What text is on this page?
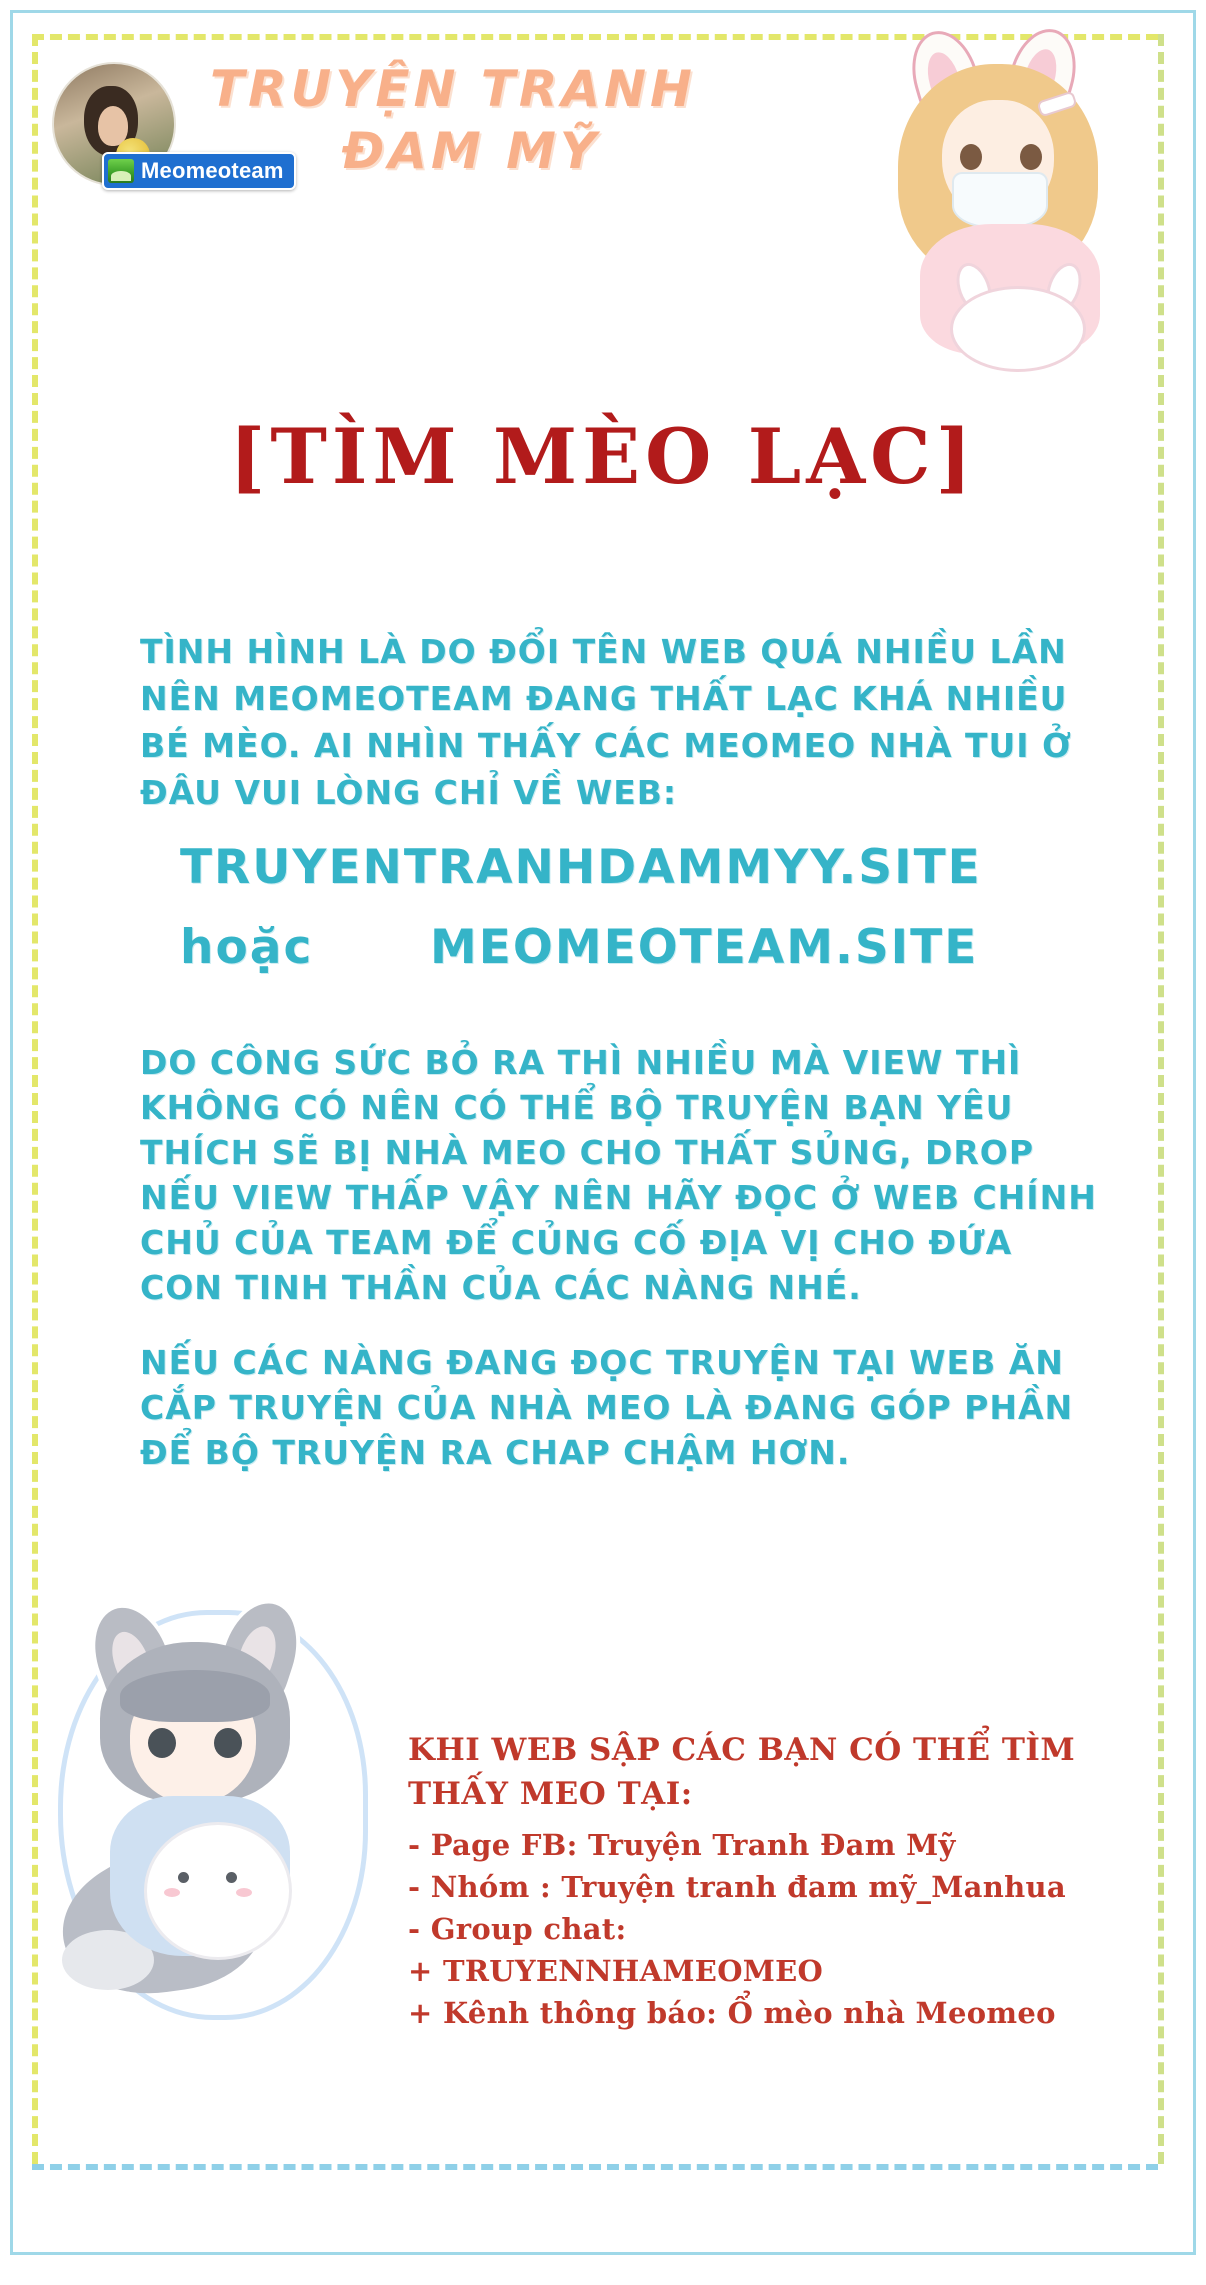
Meomeoteam
TRUYỆN TRANH
ĐAM MỸ
[TÌM MÈO LẠC]
TÌNH HÌNH LÀ DO ĐỔI TÊN WEB QUÁ NHIỀU LẦN NÊN MEOMEOTEAM ĐANG THẤT LẠC KHÁ NHIỀU BÉ MÈO. AI NHÌN THẤY CÁC MEOMEO NHÀ TUI Ở ĐÂU VUI LÒNG CHỈ VỀ WEB:
TRUYENTRANHDAMMYY.SITE
hoặc	MEOMEOTEAM.SITE
DO CÔNG SỨC BỎ RA THÌ NHIỀU MÀ VIEW THÌ KHÔNG CÓ NÊN CÓ THỂ BỘ TRUYỆN BẠN YÊU THÍCH SẼ BỊ NHÀ MEO CHO THẤT SỦNG, DROP NẾU VIEW THẤP VẬY NÊN HÃY ĐỌC Ở WEB CHÍNH CHỦ CỦA TEAM ĐỂ CỦNG CỐ ĐỊA VỊ CHO ĐỨA CON TINH THẦN CỦA CÁC NÀNG NHÉ.
NẾU CÁC NÀNG ĐANG ĐỌC TRUYỆN TẠI WEB ĂN CẮP TRUYỆN CỦA NHÀ MEO LÀ ĐANG GÓP PHẦN ĐỂ BỘ TRUYỆN RA CHAP CHẬM HƠN.
KHI WEB SẬP CÁC BẠN CÓ THỂ TÌM THẤY MEO TẠI:
- Page FB: Truyện Tranh Đam Mỹ
- Nhóm : Truyện tranh đam mỹ_Manhua
- Group chat:
+ TRUYENNHAMEOMEO
+ Kênh thông báo: Ổ mèo nhà Meomeo
